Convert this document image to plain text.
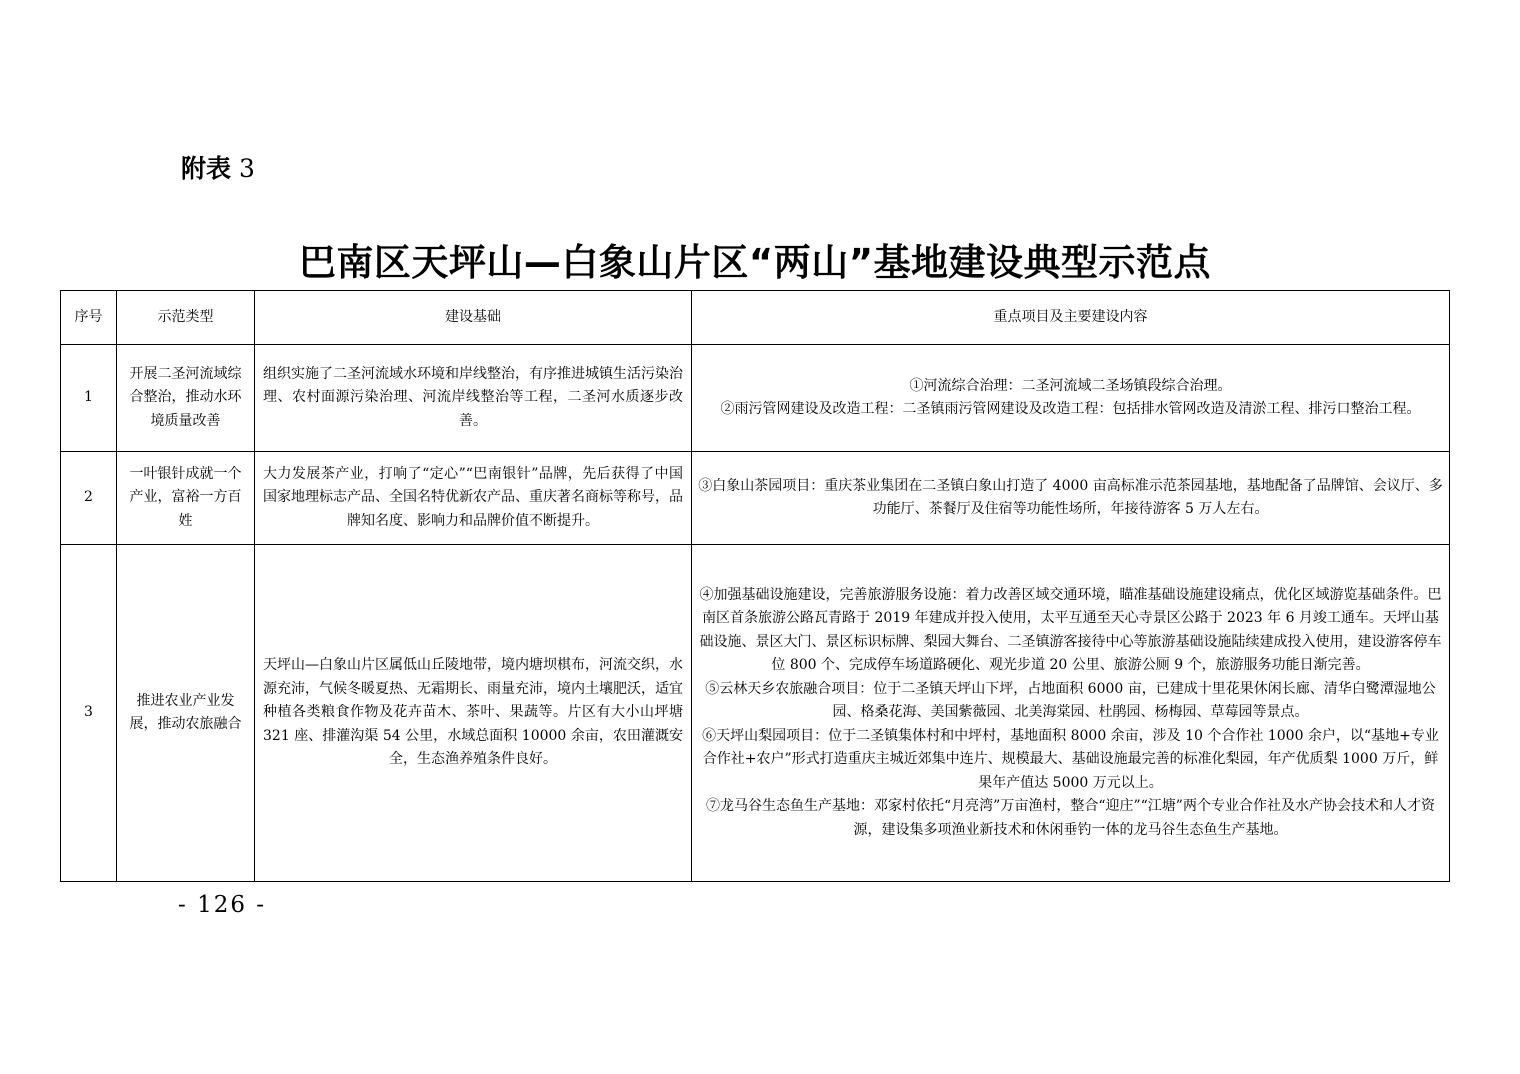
附表 3
巴南区天坪山—白象山片区“两山”基地建设典型示范点
序号	示范类型	建设基础	重点项目及主要建设内容
1	开展二圣河流域综合整治，推动水环境质量改善	组织实施了二圣河流域水环境和岸线整治，有序推进城镇生活污染治理、农村面源污染治理、河流岸线整治等工程，二圣河水质逐步改善。	①河流综合治理：二圣河流域二圣场镇段综合治理。
②雨污管网建设及改造工程：二圣镇雨污管网建设及改造工程：包括排水管网改造及清淤工程、排污口整治工程。

2	一叶银针成就一个产业，富裕一方百姓	大力发展茶产业，打响了“定心”“巴南银针”品牌，先后获得了中国国家地理标志产品、全国名特优新农产品、重庆著名商标等称号，品牌知名度、影响力和品牌价值不断提升。	③白象山茶园项目：重庆茶业集团在二圣镇白象山打造了 4000 亩高标准示范茶园基地，基地配备了品牌馆、会议厅、多功能厅、茶餐厅及住宿等功能性场所，年接待游客 5 万人左右。

3	推进农业产业发展，推动农旅融合	天坪山—白象山片区属低山丘陵地带，境内塘坝棋布，河流交织，水源充沛，气候冬暖夏热、无霜期长、雨量充沛，境内土壤肥沃，适宜种植各类粮食作物及花卉苗木、茶叶、果蔬等。片区有大小山坪塘 321 座、排灌沟渠 54 公里，水域总面积 10000 余亩，农田灌溉安全，生态渔养殖条件良好。	④加强基础设施建设，完善旅游服务设施：着力改善区域交通环境，瞄准基础设施建设痛点，优化区域游览基础条件。巴南区首条旅游公路瓦青路于 2019 年建成并投入使用，太平互通至天心寺景区公路于 2023 年 6 月竣工通车。天坪山基础设施、景区大门、景区标识标牌、梨园大舞台、二圣镇游客接待中心等旅游基础设施陆续建成投入使用，建设游客停车位 800 个、完成停车场道路硬化、观光步道 20 公里、旅游公厕 9 个，旅游服务功能日渐完善。
⑤云林天乡农旅融合项目：位于二圣镇天坪山下坪，占地面积 6000 亩，已建成十里花果休闲长廊、清华白鹭潭湿地公园、格桑花海、美国紫薇园、北美海棠园、杜鹃园、杨梅园、草莓园等景点。
⑥天坪山梨园项目：位于二圣镇集体村和中坪村，基地面积 8000 余亩，涉及 10 个合作社 1000 余户，以“基地+专业合作社+农户”形式打造重庆主城近郊集中连片、规模最大、基础设施最完善的标准化梨园，年产优质梨 1000 万斤，鲜果年产值达 5000 万元以上。
⑦龙马谷生态鱼生产基地：邓家村依托“月亮湾”万亩渔村，整合“迎庄”“江塘”两个专业合作社及水产协会技术和人才资源，建设集多项渔业新技术和休闲垂钓一体的龙马谷生态鱼生产基地。
- 126 -
